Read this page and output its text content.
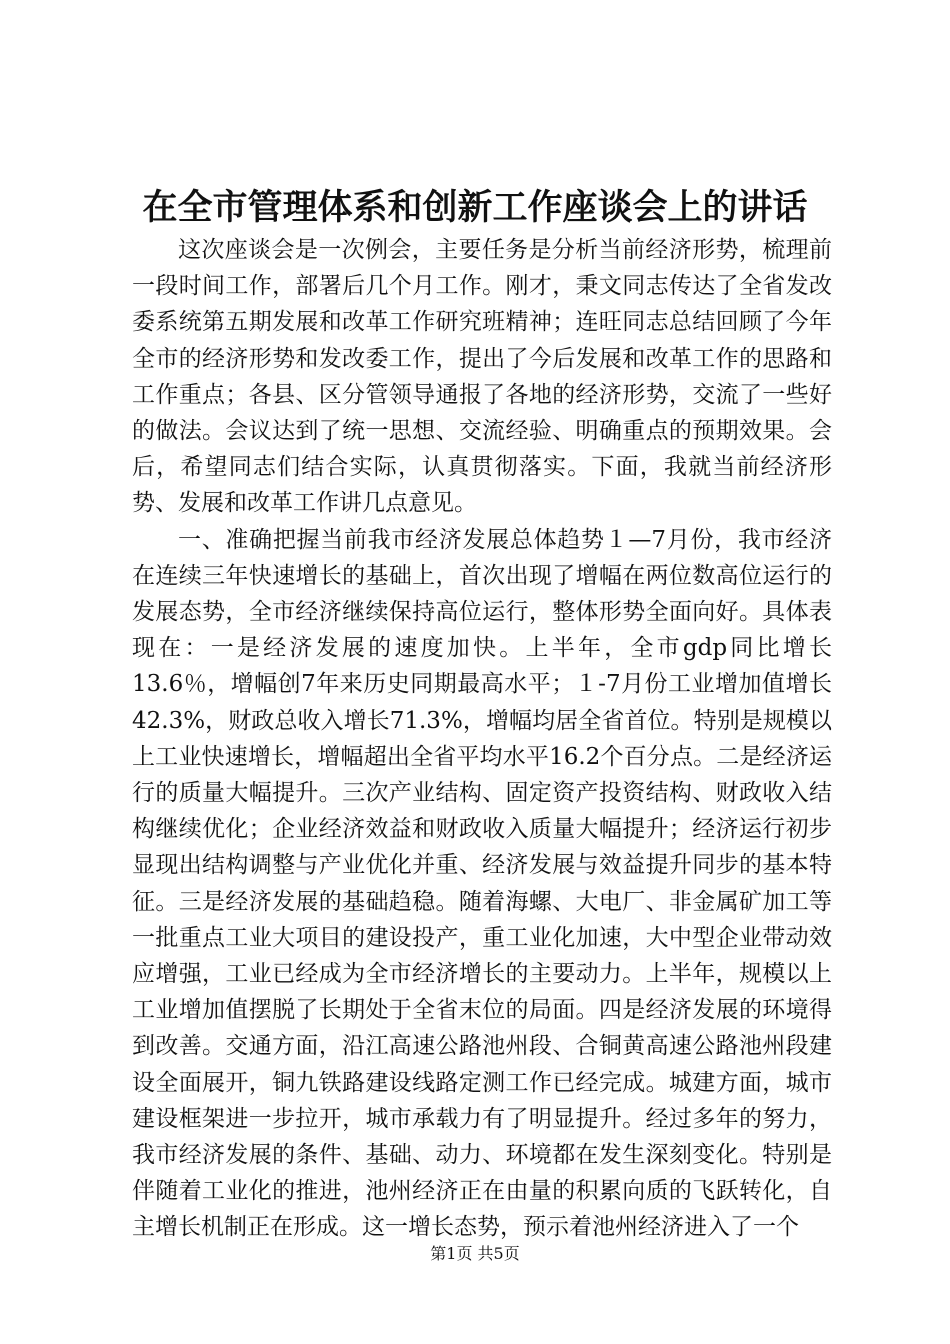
在全市管理体系和创新工作座谈会上的讲话

这次座谈会是一次例会，主要任务是分析当前经济形势，梳理前一段时间工作，部署后几个月工作。刚才，秉文同志传达了全省发改委系统第五期发展和改革工作研究班精神；连旺同志总结回顾了今年全市的经济形势和发改委工作，提出了今后发展和改革工作的思路和工作重点；各县、区分管领导通报了各地的经济形势，交流了一些好的做法。会议达到了统一思想、交流经验、明确重点的预期效果。会后，希望同志们结合实际，认真贯彻落实。下面，我就当前经济形势、发展和改革工作讲几点意见。

一、准确把握当前我市经济发展总体趋势１—7月份，我市经济在连续三年快速增长的基础上，首次出现了增幅在两位数高位运行的发展态势，全市经济继续保持高位运行，整体形势全面向好。具体表现在：一是经济发展的速度加快。上半年，全市gdp同比增长13.6％，增幅创7年来历史同期最高水平；１-7月份工业增加值增长42.3%，财政总收入增长71.3%，增幅均居全省首位。特别是规模以上工业快速增长，增幅超出全省平均水平16.2个百分点。二是经济运行的质量大幅提升。三次产业结构、固定资产投资结构、财政收入结构继续优化；企业经济效益和财政收入质量大幅提升；经济运行初步显现出结构调整与产业优化并重、经济发展与效益提升同步的基本特征。三是经济发展的基础趋稳。随着海螺、大电厂、非金属矿加工等一批重点工业大项目的建设投产，重工业化加速，大中型企业带动效应增强，工业已经成为全市经济增长的主要动力。上半年，规模以上工业增加值摆脱了长期处于全省末位的局面。四是经济发展的环境得到改善。交通方面，沿江高速公路池州段、合铜黄高速公路池州段建设全面展开，铜九铁路建设线路定测工作已经完成。城建方面，城市建设框架进一步拉开，城市承载力有了明显提升。经过多年的努力，我市经济发展的条件、基础、动力、环境都在发生深刻变化。特别是伴随着工业化的推进，池州经济正在由量的积累向质的飞跃转化，自主增长机制正在形成。这一增长态势，预示着池州经济进入了一个

第1页 共5页
